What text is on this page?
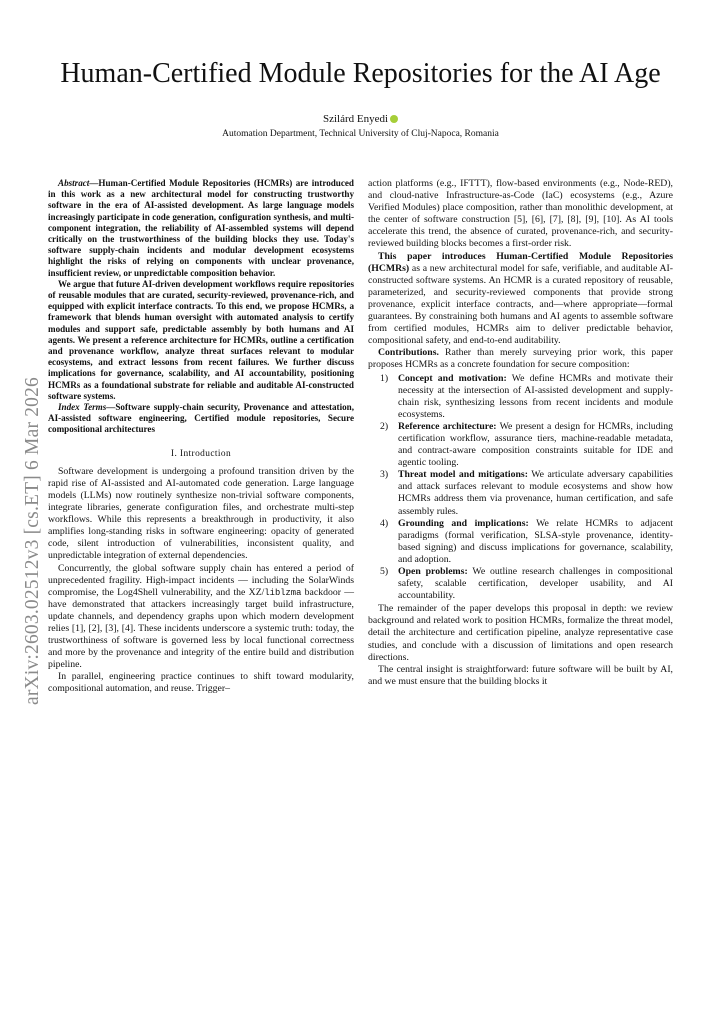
arXiv:2603.02512v3 [cs.ET] 6 Mar 2026
Human-Certified Module Repositories for the AI Age
Szilárd Enyedi
Automation Department, Technical University of Cluj-Napoca, Romania

Abstract—Human-Certified Module Repositories (HCMRs) are introduced in this work as a new architectural model for constructing trustworthy software in the era of AI-assisted development. As large language models increasingly participate in code generation, configuration synthesis, and multi-component integration, the reliability of AI-assembled systems will depend critically on the trustworthiness of the building blocks they use. Today's software supply-chain incidents and modular development ecosystems highlight the risks of relying on components with unclear provenance, insufficient review, or unpredictable composition behavior.

We argue that future AI-driven development workflows require repositories of reusable modules that are curated, security-reviewed, provenance-rich, and equipped with explicit interface contracts. To this end, we propose HCMRs, a framework that blends human oversight with automated analysis to certify modules and support safe, predictable assembly by both humans and AI agents. We present a reference architecture for HCMRs, outline a certification and provenance workflow, analyze threat surfaces relevant to modular ecosystems, and extract lessons from recent failures. We further discuss implications for governance, scalability, and AI accountability, positioning HCMRs as a foundational substrate for reliable and auditable AI-constructed software systems.

Index Terms—Software supply-chain security, Provenance and attestation, AI-assisted software engineering, Certified module repositories, Secure compositional architectures

I. Introduction

Software development is undergoing a profound transition driven by the rapid rise of AI-assisted and AI-automated code generation. Large language models (LLMs) now routinely synthesize non-trivial software components, integrate libraries, generate configuration files, and orchestrate multi-step workflows. While this represents a breakthrough in productivity, it also amplifies long-standing risks in software engineering: opacity of generated code, silent introduction of vulnerabilities, inconsistent quality, and unpredictable integration of external dependencies.

Concurrently, the global software supply chain has entered a period of unprecedented fragility. High-impact incidents — including the SolarWinds compromise, the Log4Shell vulnerability, and the XZ/liblzma backdoor — have demonstrated that attackers increasingly target build infrastructure, update channels, and dependency graphs upon which modern development relies [1], [2], [3], [4]. These incidents underscore a systemic truth: today, the trustworthiness of software is governed less by local functional correctness and more by the provenance and integrity of the entire build and distribution pipeline.

In parallel, engineering practice continues to shift toward modularity, compositional automation, and reuse. Trigger–

action platforms (e.g., IFTTT), flow-based environments (e.g., Node-RED), and cloud-native Infrastructure-as-Code (IaC) ecosystems (e.g., Azure Verified Modules) place composition, rather than monolithic development, at the center of software construction [5], [6], [7], [8], [9], [10]. As AI tools accelerate this trend, the absence of curated, provenance-rich, and security-reviewed building blocks becomes a first-order risk.

This paper introduces Human-Certified Module Repositories (HCMRs) as a new architectural model for safe, verifiable, and auditable AI-constructed software systems. An HCMR is a curated repository of reusable, parameterized, and security-reviewed components that provide strong provenance, explicit interface contracts, and—where appropriate—formal guarantees. By constraining both humans and AI agents to assemble software from certified modules, HCMRs aim to deliver predictable behavior, compositional safety, and end-to-end auditability.

Contributions. Rather than merely surveying prior work, this paper proposes HCMRs as a concrete foundation for secure composition:

1) Concept and motivation: We define HCMRs and motivate their necessity at the intersection of AI-assisted development and supply-chain risk, synthesizing lessons from recent incidents and module ecosystems.
2) Reference architecture: We present a design for HCMRs, including certification workflow, assurance tiers, machine-readable metadata, and contract-aware composition constraints suitable for IDE and agentic tooling.
3) Threat model and mitigations: We articulate adversary capabilities and attack surfaces relevant to module ecosystems and show how HCMRs address them via provenance, human certification, and safe assembly rules.
4) Grounding and implications: We relate HCMRs to adjacent paradigms (formal verification, SLSA-style provenance, identity-based signing) and discuss implications for governance, scalability, and adoption.
5) Open problems: We outline research challenges in compositional safety, scalable certification, developer usability, and AI accountability.

The remainder of the paper develops this proposal in depth: we review background and related work to position HCMRs, formalize the threat model, detail the architecture and certification pipeline, analyze representative case studies, and conclude with a discussion of limitations and open research directions.

The central insight is straightforward: future software will be built by AI, and we must ensure that the building blocks it
